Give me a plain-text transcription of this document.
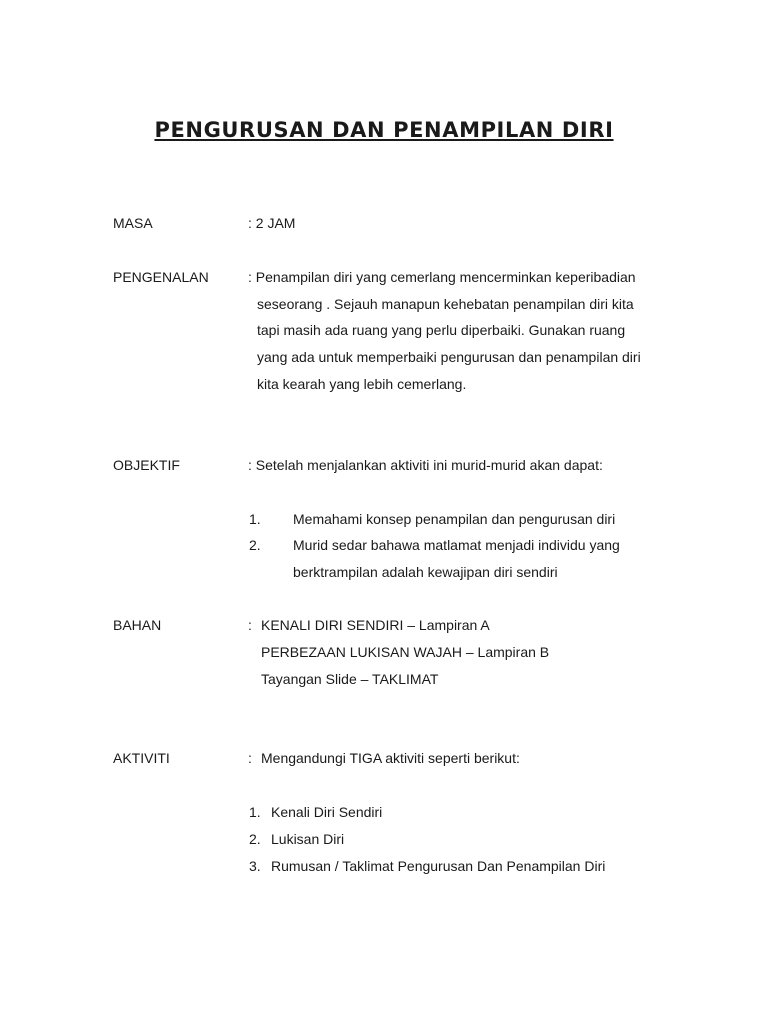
PENGURUSAN DAN PENAMPILAN DIRI
MASA	: 2 JAM
PENGENALAN	: Penampilan diri yang cemerlang mencerminkan keperibadian
seseorang . Sejauh manapun kehebatan penampilan diri kita
tapi masih ada ruang yang perlu diperbaiki. Gunakan ruang
yang ada untuk memperbaiki pengurusan dan penampilan diri
kita kearah yang lebih cemerlang.
OBJEKTIF	: Setelah menjalankan aktiviti ini murid-murid akan dapat:
1. Memahami konsep penampilan dan pengurusan diri
2. Murid sedar bahawa matlamat menjadi individu yang
berktrampilan adalah kewajipan diri sendiri
BAHAN	: KENALI DIRI SENDIRI – Lampiran A
PERBEZAAN LUKISAN WAJAH – Lampiran B
Tayangan Slide – TAKLIMAT
AKTIVITI	: Mengandungi TIGA aktiviti seperti berikut:
1. Kenali Diri Sendiri
2. Lukisan Diri
3. Rumusan / Taklimat Pengurusan Dan Penampilan Diri
